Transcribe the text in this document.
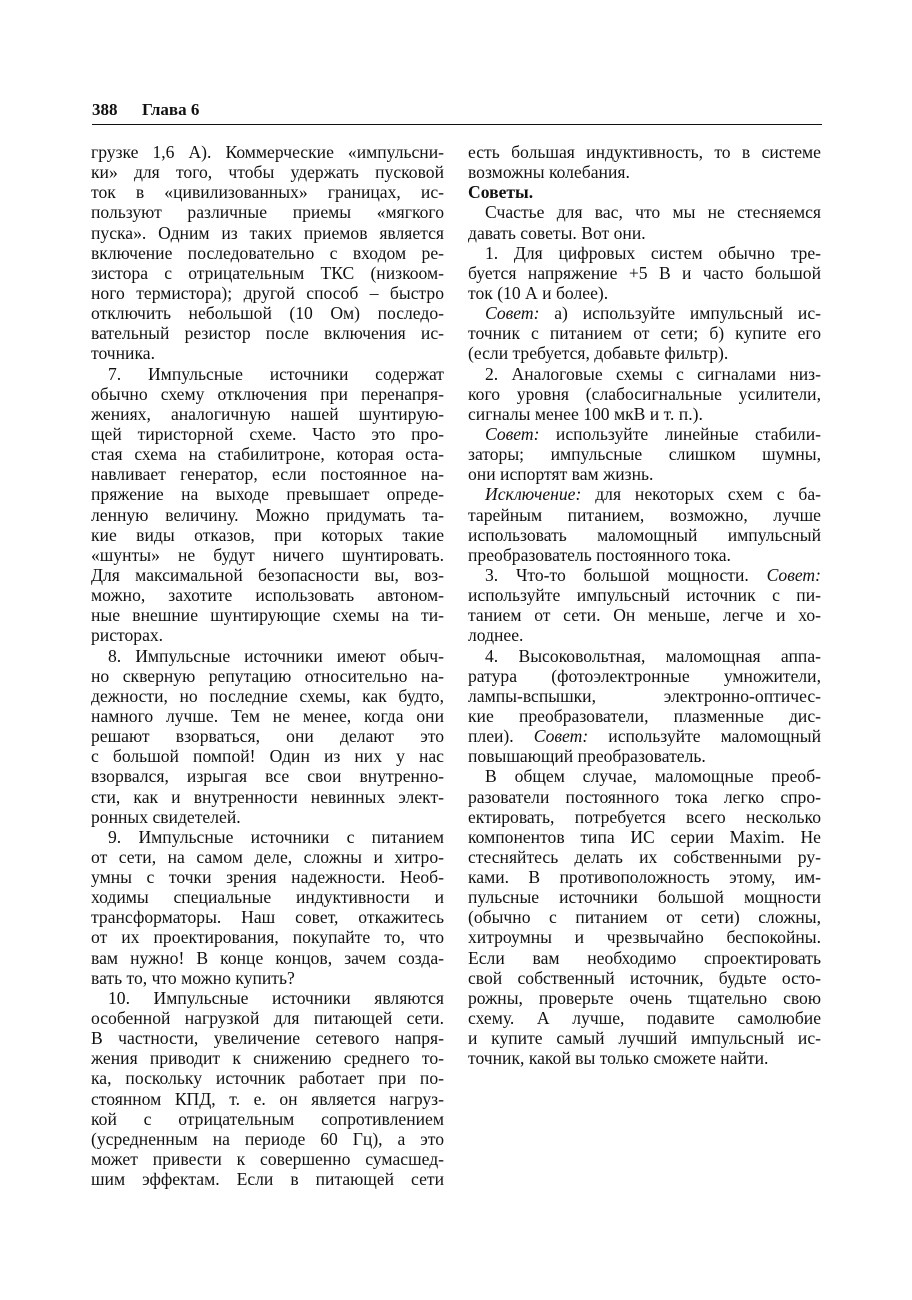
388 Глава 6
грузке 1,6 А). Коммерческие «импульсни-
ки» для того, чтобы удержать пусковой
ток в «цивилизованных» границах, ис-
пользуют различные приемы «мягкого
пуска». Одним из таких приемов является
включение последовательно с входом ре-
зистора с отрицательным ТКС (низкоом-
ного термистора); другой способ – быстро
отключить небольшой (10 Ом) последо-
вательный резистор после включения ис-
точника.
7. Импульсные источники содержат
обычно схему отключения при перенапря-
жениях, аналогичную нашей шунтирую-
щей тиристорной схеме. Часто это про-
стая схема на стабилитроне, которая оста-
навливает генератор, если постоянное на-
пряжение на выходе превышает опреде-
ленную величину. Можно придумать та-
кие виды отказов, при которых такие
«шунты» не будут ничего шунтировать.
Для максимальной безопасности вы, воз-
можно, захотите использовать автоном-
ные внешние шунтирующие схемы на ти-
ристорах.
8. Импульсные источники имеют обыч-
но скверную репутацию относительно на-
дежности, но последние схемы, как будто,
намного лучше. Тем не менее, когда они
решают взорваться, они делают это
с большой помпой! Один из них у нас
взорвался, изрыгая все свои внутренно-
сти, как и внутренности невинных элект-
ронных свидетелей.
9. Импульсные источники с питанием
от сети, на самом деле, сложны и хитро-
умны с точки зрения надежности. Необ-
ходимы специальные индуктивности и
трансформаторы. Наш совет, откажитесь
от их проектирования, покупайте то, что
вам нужно! В конце концов, зачем созда-
вать то, что можно купить?
10. Импульсные источники являются
особенной нагрузкой для питающей сети.
В частности, увеличение сетевого напря-
жения приводит к снижению среднего то-
ка, поскольку источник работает при по-
стоянном КПД, т. е. он является нагруз-
кой с отрицательным сопротивлением
(усредненным на периоде 60 Гц), а это
может привести к совершенно сумасшед-
шим эффектам. Если в питающей сети
есть большая индуктивность, то в системе
возможны колебания.
Советы.
Счастье для вас, что мы не стесняемся
давать советы. Вот они.
1. Для цифровых систем обычно тре-
буется напряжение +5 В и часто большой
ток (10 А и более).
Совет: а) используйте импульсный ис-
точник с питанием от сети; б) купите его
(если требуется, добавьте фильтр).
2. Аналоговые схемы с сигналами низ-
кого уровня (слабосигнальные усилители,
сигналы менее 100 мкВ и т. п.).
Совет: используйте линейные стабили-
заторы; импульсные слишком шумны,
они испортят вам жизнь.
Исключение: для некоторых схем с ба-
тарейным питанием, возможно, лучше
использовать маломощный импульсный
преобразователь постоянного тока.
3. Что-то большой мощности. Совет:
используйте импульсный источник с пи-
танием от сети. Он меньше, легче и хо-
лоднее.
4. Высоковольтная, маломощная аппа-
ратура (фотоэлектронные умножители,
лампы-вспышки, электронно-оптичес-
кие преобразователи, плазменные дис-
плеи). Совет: используйте маломощный
повышающий преобразователь.
В общем случае, маломощные преоб-
разователи постоянного тока легко спро-
ектировать, потребуется всего несколько
компонентов типа ИС серии Maxim. Не
стесняйтесь делать их собственными ру-
ками. В противоположность этому, им-
пульсные источники большой мощности
(обычно с питанием от сети) сложны,
хитроумны и чрезвычайно беспокойны.
Если вам необходимо спроектировать
свой собственный источник, будьте осто-
рожны, проверьте очень тщательно свою
схему. А лучше, подавите самолюбие
и купите самый лучший импульсный ис-
точник, какой вы только сможете найти.
